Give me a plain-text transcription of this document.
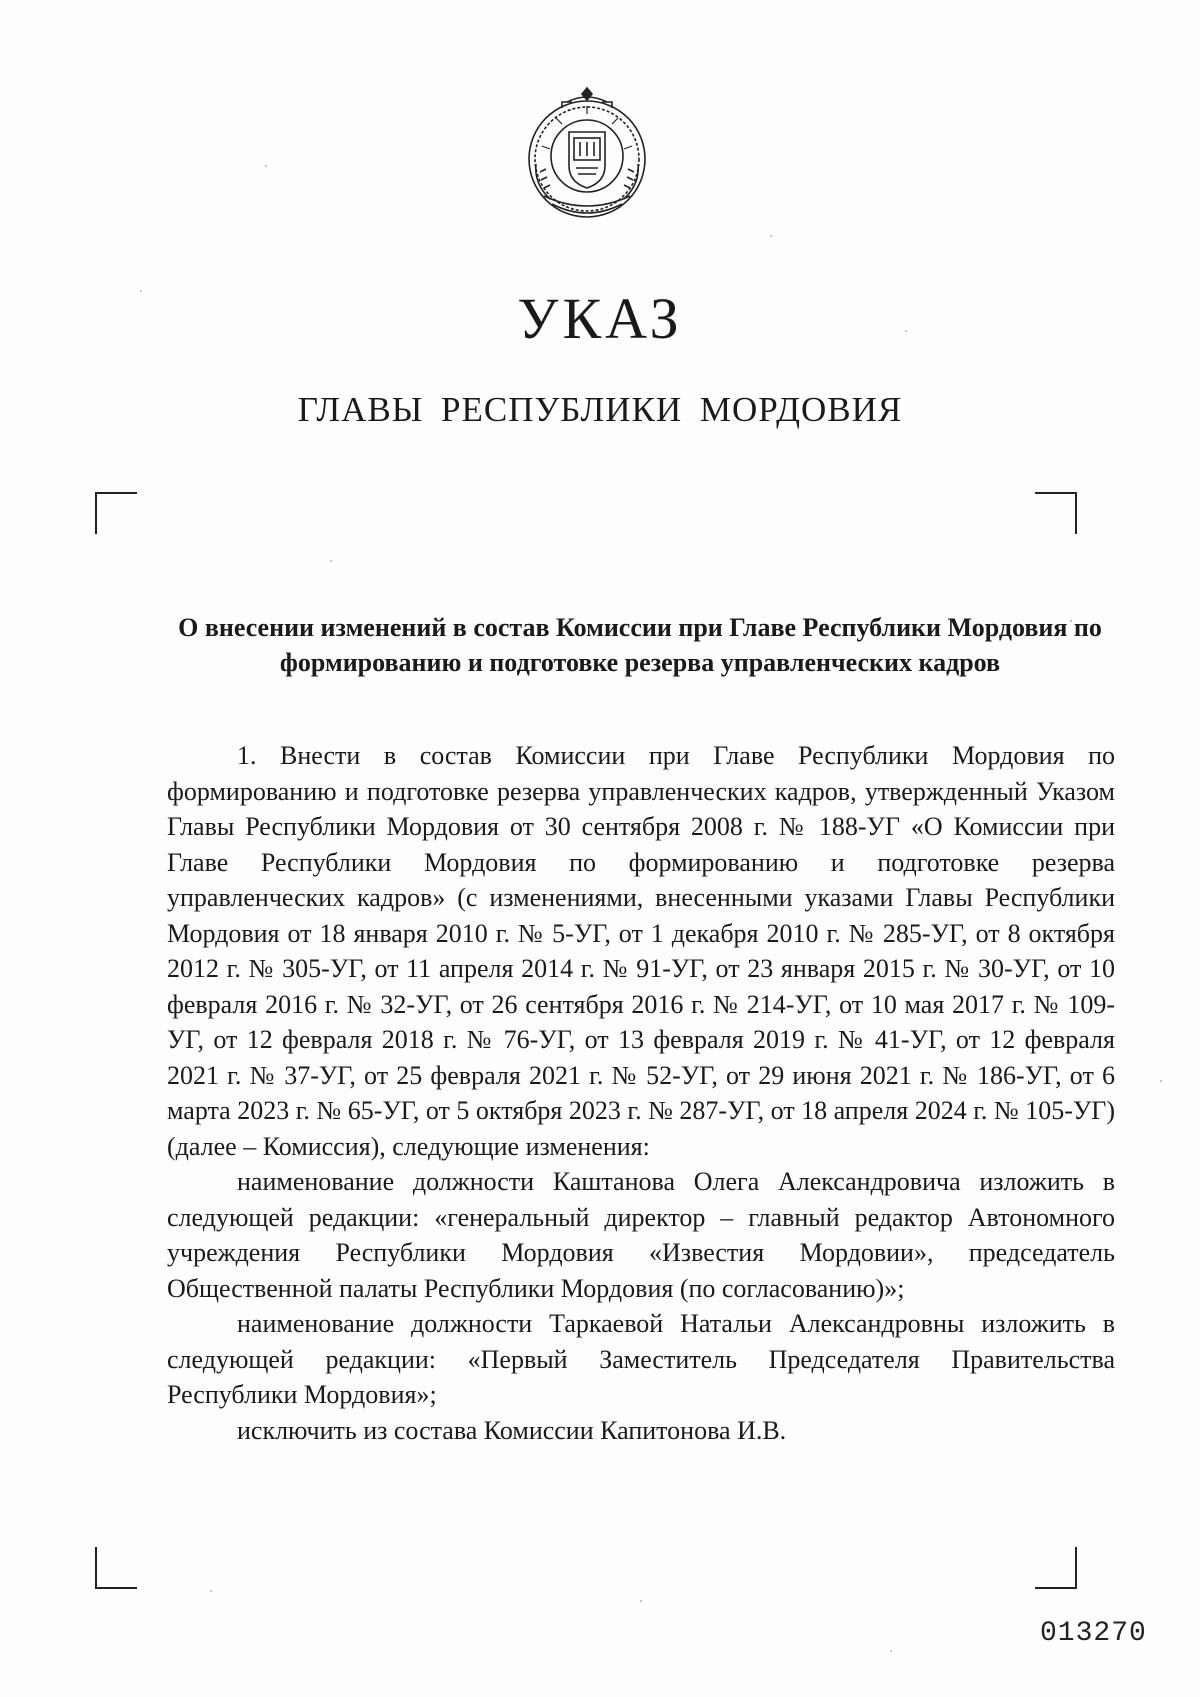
УКАЗ
ГЛАВЫ РЕСПУБЛИКИ МОРДОВИЯ
О внесении изменений в состав Комиссии при Главе Республики Мордовия по формированию и подготовке резерва управленческих кадров

1. Внести в состав Комиссии при Главе Республики Мордовия по формированию и подготовке резерва управленческих кадров, утвержденный Указом Главы Республики Мордовия от 30 сентября 2008 г. № 188-УГ «О Комиссии при Главе Республики Мордовия по формированию и подготовке резерва управленческих кадров» (с изменениями, внесенными указами Главы Республики Мордовия от 18 января 2010 г. № 5-УГ, от 1 декабря 2010 г. № 285-УГ, от 8 октября 2012 г. № 305-УГ, от 11 апреля 2014 г. № 91-УГ, от 23 января 2015 г. № 30-УГ, от 10 февраля 2016 г. № 32-УГ, от 26 сентября 2016 г. № 214-УГ, от 10 мая 2017 г. № 109-УГ, от 12 февраля 2018 г. № 76-УГ, от 13 февраля 2019 г. № 41-УГ, от 12 февраля 2021 г. № 37-УГ, от 25 февраля 2021 г. № 52-УГ, от 29 июня 2021 г. № 186-УГ, от 6 марта 2023 г. № 65-УГ, от 5 октября 2023 г. № 287-УГ, от 18 апреля 2024 г. № 105-УГ) (далее – Комиссия), следующие изменения:

наименование должности Каштанова Олега Александровича изложить в следующей редакции: «генеральный директор – главный редактор Автономного учреждения Республики Мордовия «Известия Мордовии», председатель Общественной палаты Республики Мордовия (по согласованию)»;

наименование должности Таркаевой Натальи Александровны изложить в следующей редакции: «Первый Заместитель Председателя Правительства Республики Мордовия»;

исключить из состава Комиссии Капитонова И.В.

013270
